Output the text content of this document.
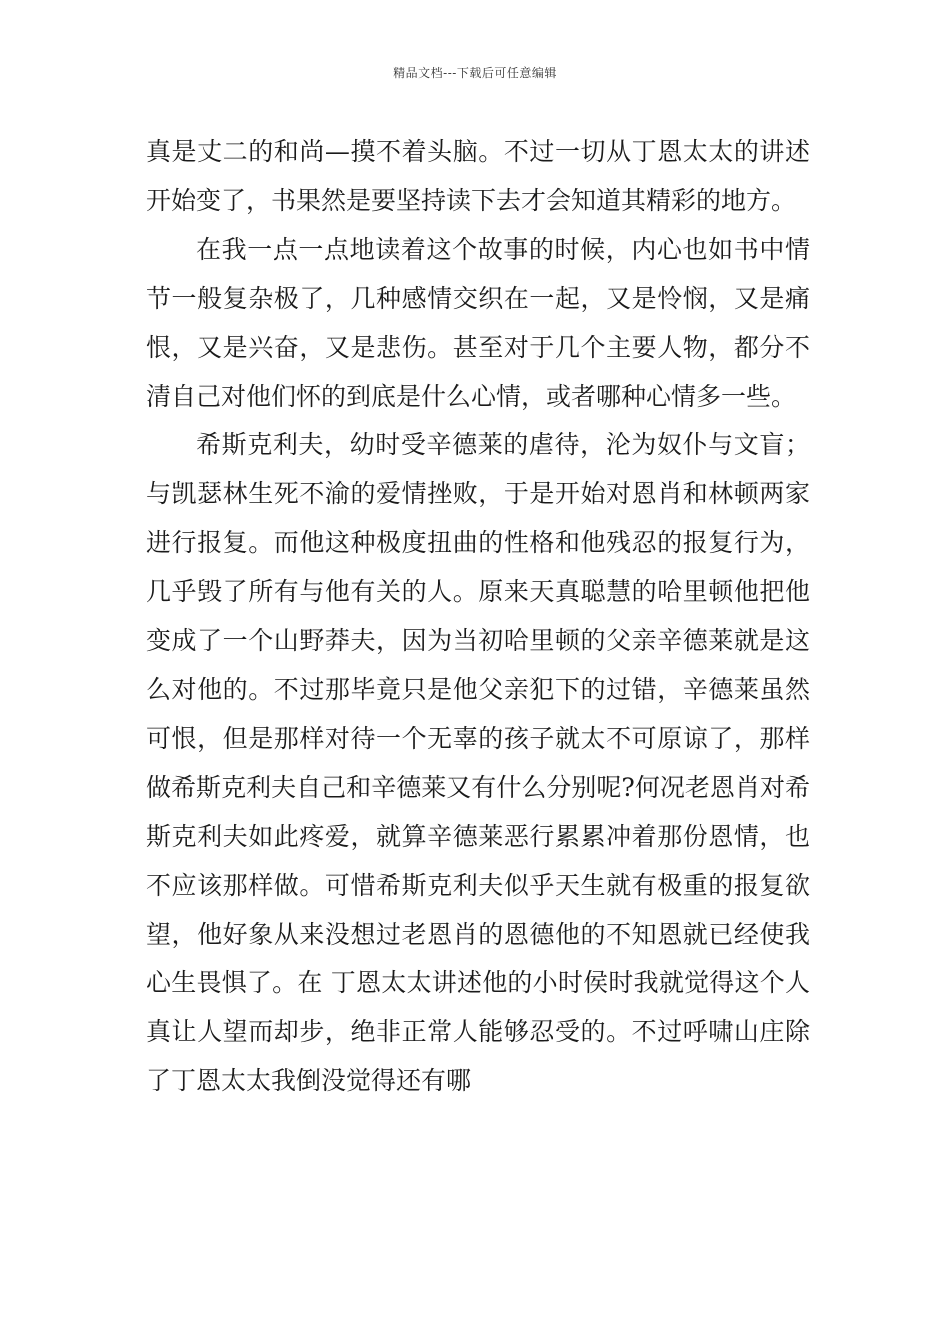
精品文档---下载后可任意编辑

真是丈二的和尚—摸不着头脑。不过一切从丁恩太太的讲述开始变了，书果然是要坚持读下去才会知道其精彩的地方。

在我一点一点地读着这个故事的时候，内心也如书中情节一般复杂极了，几种感情交织在一起，又是怜悯，又是痛恨，又是兴奋，又是悲伤。甚至对于几个主要人物，都分不清自己对他们怀的到底是什么心情，或者哪种心情多一些。

希斯克利夫，幼时受辛德莱的虐待，沦为奴仆与文盲；与凯瑟林生死不渝的爱情挫败，于是开始对恩肖和林顿两家进行报复。而他这种极度扭曲的性格和他残忍的报复行为，几乎毁了所有与他有关的人。原来天真聪慧的哈里顿他把他变成了一个山野莽夫，因为当初哈里顿的父亲辛德莱就是这么对他的。不过那毕竟只是他父亲犯下的过错，辛德莱虽然可恨，但是那样对待一个无辜的孩子就太不可原谅了，那样做希斯克利夫自己和辛德莱又有什么分别呢?何况老恩肖对希斯克利夫如此疼爱，就算辛德莱恶行累累冲着那份恩情，也不应该那样做。可惜希斯克利夫似乎天生就有极重的报复欲望，他好象从来没想过老恩肖的恩德他的不知恩就已经使我心生畏惧了。在 丁恩太太讲述他的小时侯时我就觉得这个人真让人望而却步，绝非正常人能够忍受的。不过呼啸山庄除了丁恩太太我倒没觉得还有哪
